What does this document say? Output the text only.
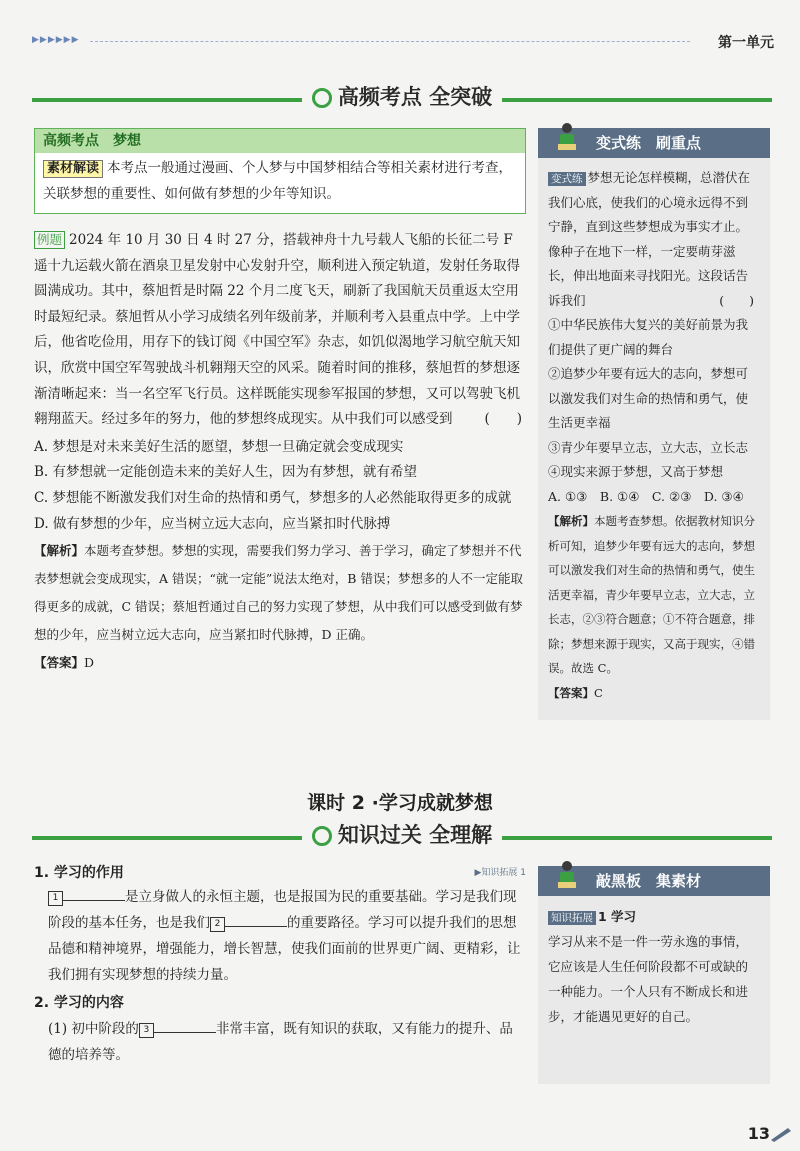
▶▶▶▶▶▶	第一单元
高频考点 全突破
高频考点　梦想
素材解读 本考点一般通过漫画、个人梦与中国梦相结合等相关素材进行考查，关联梦想的重要性、如何做有梦想的少年等知识。
例题 2024 年 10 月 30 日 4 时 27 分，搭载神舟十九号载人飞船的长征二号 F 遥十九运载火箭在酒泉卫星发射中心发射升空，顺利进入预定轨道，发射任务取得圆满成功。其中，蔡旭哲是时隔 22 个月二度飞天，刷新了我国航天员重返太空用时最短纪录。蔡旭哲从小学习成绩名列年级前茅，并顺利考入县重点中学。上中学后，他省吃俭用，用存下的钱订阅《中国空军》杂志，如饥似渴地学习航空航天知识，欣赏中国空军驾驶战斗机翱翔天空的风采。随着时间的推移，蔡旭哲的梦想逐渐清晰起来：当一名空军飞行员。这样既能实现参军报国的梦想，又可以驾驶飞机翱翔蓝天。经过多年的努力，他的梦想终成现实。从中我们可以感受到 (　　)
A. 梦想是对未来美好生活的愿望，梦想一旦确定就会变成现实
B. 有梦想就一定能创造未来的美好人生，因为有梦想，就有希望
C. 梦想能不断激发我们对生命的热情和勇气，梦想多的人必然能取得更多的成就
D. 做有梦想的少年，应当树立远大志向，应当紧扣时代脉搏
【解析】本题考查梦想。梦想的实现，需要我们努力学习、善于学习，确定了梦想并不代表梦想就会变成现实，A 错误；“就一定能”说法太绝对，B 错误；梦想多的人不一定能取得更多的成就，C 错误；蔡旭哲通过自己的努力实现了梦想，从中我们可以感受到做有梦想的少年，应当树立远大志向，应当紧扣时代脉搏，D 正确。
【答案】D
变式练　刷重点
变式练 梦想无论怎样模糊，总潜伏在我们心底，使我们的心境永远得不到宁静，直到这些梦想成为事实才止。像种子在地下一样，一定要萌芽滋长，伸出地面来寻找阳光。这段话告诉我们	(　　)
①中华民族伟大复兴的美好前景为我们提供了更广阔的舞台
②追梦少年要有远大的志向，梦想可以激发我们对生命的热情和勇气，使生活更幸福
③青少年要早立志，立大志，立长志
④现实来源于梦想，又高于梦想
A. ①③　B. ①④　C. ②③　D. ③④
【解析】本题考查梦想。依据教材知识分析可知，追梦少年要有远大的志向，梦想可以激发我们对生命的热情和勇气，使生活更幸福，青少年要早立志，立大志，立长志，②③符合题意；①不符合题意，排除；梦想来源于现实，又高于现实，④错误。故选 C。
【答案】C
课时 2 ·学习成就梦想
知识过关 全理解
1. 学习的作用	▶知识拓展 1
1	是立身做人的永恒主题，也是报国为民的重要基础。学习是我们现阶段的基本任务，也是我们 2	的重要路径。学习可以提升我们的思想品德和精神境界，增强能力，增长智慧，使我们面前的世界更广阔、更精彩，让我们拥有实现梦想的持续力量。
2. 学习的内容
(1) 初中阶段的 3	非常丰富，既有知识的获取，又有能力的提升、品德的培养等。
敲黑板　集素材
知识拓展 1 学习
学习从来不是一件一劳永逸的事情，它应该是人生任何阶段都不可或缺的一种能力。一个人只有不断成长和进步，才能遇见更好的自己。
13
